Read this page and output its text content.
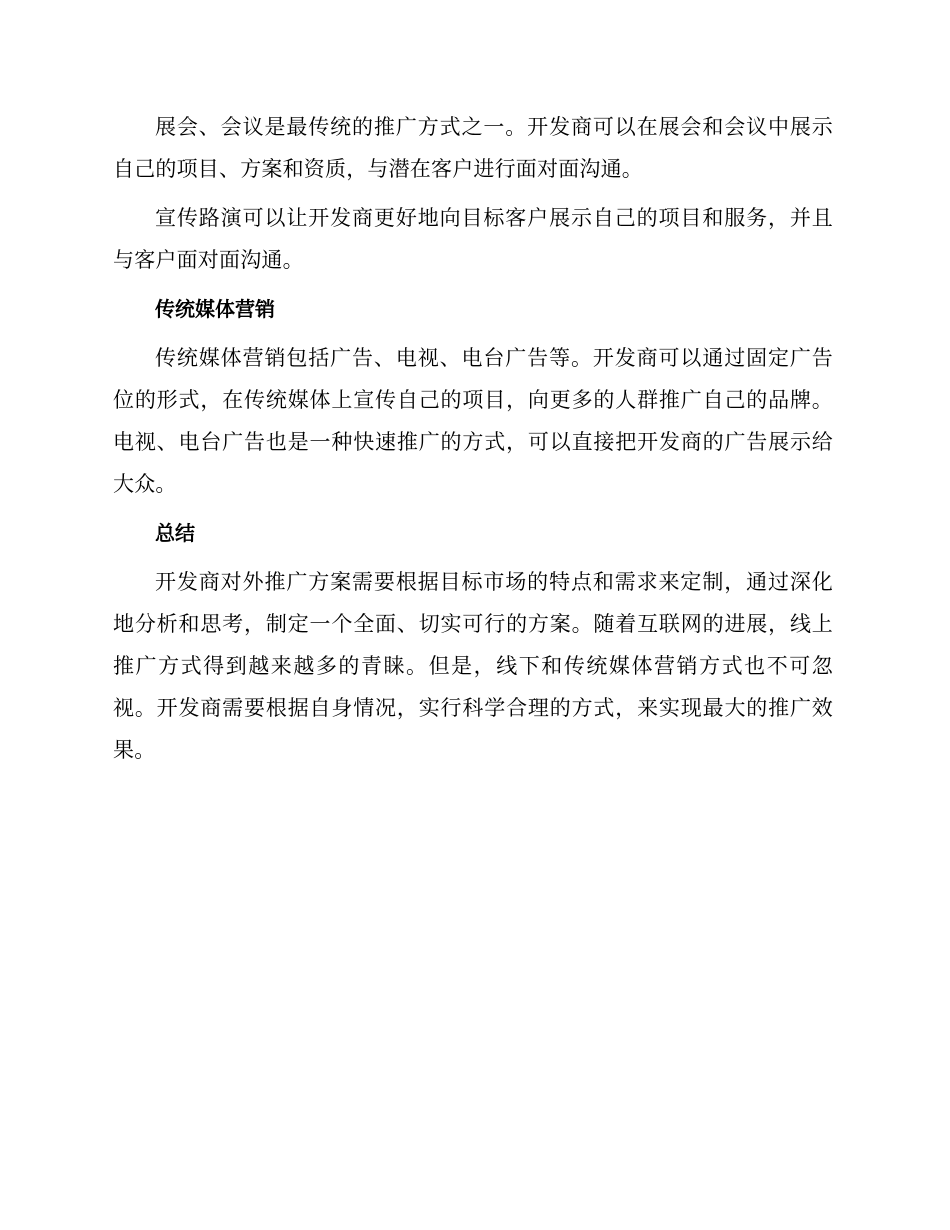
展会、会议是最传统的推广方式之一。开发商可以在展会和会议中展示自己的项目、方案和资质，与潜在客户进行面对面沟通。

宣传路演可以让开发商更好地向目标客户展示自己的项目和服务，并且与客户面对面沟通。

传统媒体营销

传统媒体营销包括广告、电视、电台广告等。开发商可以通过固定广告位的形式，在传统媒体上宣传自己的项目，向更多的人群推广自己的品牌。电视、电台广告也是一种快速推广的方式，可以直接把开发商的广告展示给大众。

总结

开发商对外推广方案需要根据目标市场的特点和需求来定制，通过深化地分析和思考，制定一个全面、切实可行的方案。随着互联网的进展，线上推广方式得到越来越多的青睐。但是，线下和传统媒体营销方式也不可忽视。开发商需要根据自身情况，实行科学合理的方式，来实现最大的推广效果。
